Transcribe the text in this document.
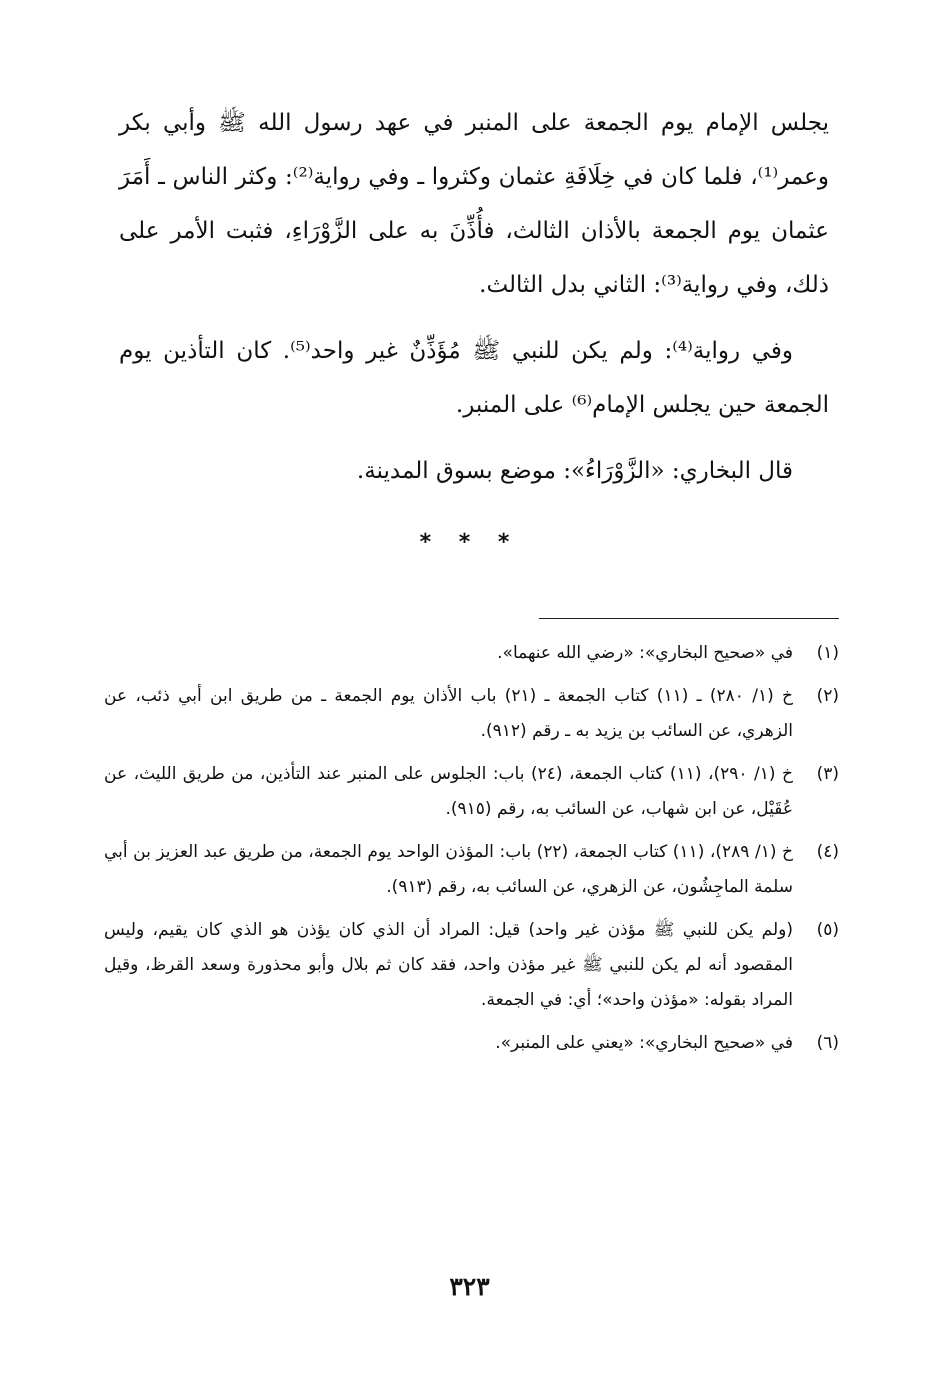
يجلس الإمام يوم الجمعة على المنبر في عهد رسول الله ﷺ وأبي بكر وعمر⁽¹⁾، فلما كان في خِلَافَةِ عثمان وكثروا ـ وفي رواية⁽²⁾: وكثر الناس ـ أَمَرَ عثمان يوم الجمعة بالأذان الثالث، فأُذِّنَ به على الزَّوْرَاءِ، فثبت الأمر على ذلك، وفي رواية⁽³⁾: الثاني بدل الثالث.

وفي رواية⁽⁴⁾: ولم يكن للنبي ﷺ مُؤَذِّنٌ غير واحد⁽⁵⁾. كان التأذين يوم الجمعة حين يجلس الإمام⁽⁶⁾ على المنبر.

قال البخاري: «الزَّوْرَاءُ»: موضع بسوق المدينة.

* * *
(١)
في «صحيح البخاري»: «رضي الله عنهما».
(٢)
خ (١/ ٢٨٠) ـ (١١) كتاب الجمعة ـ (٢١) باب الأذان يوم الجمعة ـ من طريق ابن أبي ذئب، عن الزهري، عن السائب بن يزيد به ـ رقم (٩١٢).
(٣)
خ (١/ ٢٩٠)، (١١) كتاب الجمعة، (٢٤) باب: الجلوس على المنبر عند التأذين، من طريق الليث، عن عُقَيْل، عن ابن شهاب، عن السائب به، رقم (٩١٥).
(٤)
خ (١/ ٢٨٩)، (١١) كتاب الجمعة، (٢٢) باب: المؤذن الواحد يوم الجمعة، من طريق عبد العزيز بن أبي سلمة الماجِشُون، عن الزهري، عن السائب به، رقم (٩١٣).
(٥)
(ولم يكن للنبي ﷺ مؤذن غير واحد) قيل: المراد أن الذي كان يؤذن هو الذي كان يقيم، وليس المقصود أنه لم يكن للنبي ﷺ غير مؤذن واحد، فقد كان ثم بلال وأبو محذورة وسعد القرظ، وقيل المراد بقوله: «مؤذن واحد»؛ أي: في الجمعة.
(٦)
في «صحيح البخاري»: «يعني على المنبر».
٣٢٣
